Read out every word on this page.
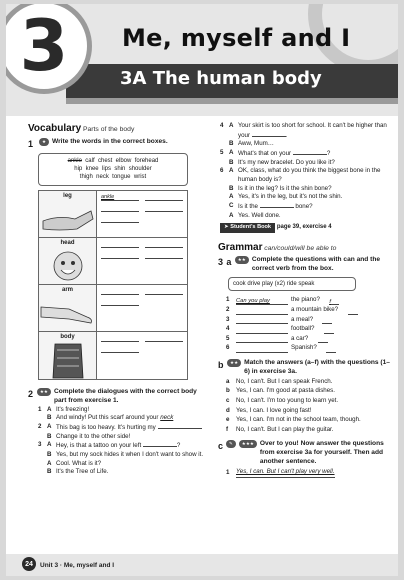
3 Me, myself and I
3A The human body
Vocabulary Parts of the body
1	★ Write the words in the correct boxes.
ankle calf chest elbow forehead
hip knee lips shin shoulder
thigh neck tongue wrist
leg	ankle
head
arm
body
2	★★ Complete the dialogues with the correct body part from exercise 1.

1 A It's freezing!

B And windy! Put this scarf around your neck

2 A This bag is too heavy. It's hurting my

B Change it to the other side!

3 A Hey, is that a tattoo on your left	?

B Yes, but my sock hides it when I don't want to show it.

A Cool. What is it?

B It's the Tree of Life.

4 A Your skirt is too short for school. It can't be higher than your	.

B Aww, Mum…

5 A What's that on your	?

B It's my new bracelet. Do you like it?

6 A OK, class, what do you think the biggest bone in the human body is?

B Is it in the leg? Is it the shin bone?

A Yes, it's in the leg, but it's not the shin.

C Is it the	bone?

A Yes. Well done.

➤ Student's Book page 39, exercise 4
Grammar can/could/will be able to
3 a	★★ Complete the questions with can and the correct verb from the box.
cook drive play (x2) ride speak

1	Can you play	the piano?
f

2	a mountain bike?

3	a meal?

4	football?

5	a car?

6	Spanish?

b	★★ Match the answers (a–f) with the questions (1–6) in exercise 3a.

a	No, I can't. But I can speak French.

b	Yes, I can. I'm good at pasta dishes.

c	No, I can't. I'm too young to learn yet.

d	Yes, I can. I love going fast!

e	Yes, I can. I'm not in the school team, though.

f	No, I can't. But I can play the guitar.

c	✎	★★★ Over to you! Now answer the questions from exercise 3a for yourself. Then add another sentence.

1	Yes, I can. But I can't play very well.

24	Unit 3 · Me, myself and I
